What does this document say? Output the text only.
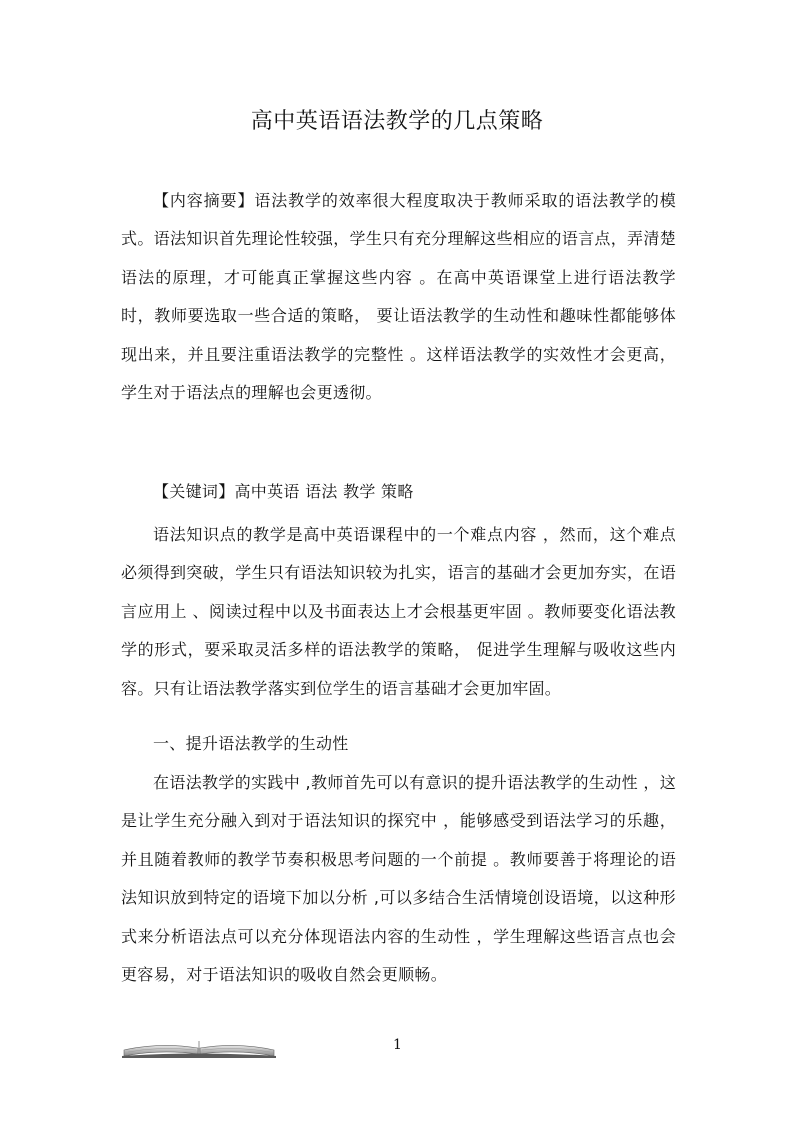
高中英语语法教学的几点策略

【内容摘要】语法教学的效率很大程度取决于教师采取的语法教学的模式。语法知识首先理论性较强，学生只有充分理解这些相应的语言点，弄清楚语法的原理，才可能真正掌握这些内容 。在高中英语课堂上进行语法教学时，教师要选取一些合适的策略， 要让语法教学的生动性和趣味性都能够体现出来，并且要注重语法教学的完整性 。这样语法教学的实效性才会更高，学生对于语法点的理解也会更透彻。

【关键词】高中英语 语法 教学 策略

语法知识点的教学是高中英语课程中的一个难点内容 ，然而，这个难点必须得到突破，学生只有语法知识较为扎实，语言的基础才会更加夯实，在语言应用上 、阅读过程中以及书面表达上才会根基更牢固 。教师要变化语法教学的形式，要采取灵活多样的语法教学的策略， 促进学生理解与吸收这些内容。只有让语法教学落实到位学生的语言基础才会更加牢固。

一、提升语法教学的生动性

在语法教学的实践中 ,教师首先可以有意识的提升语法教学的生动性 ，这是让学生充分融入到对于语法知识的探究中 ，能够感受到语法学习的乐趣，并且随着教师的教学节奏积极思考问题的一个前提 。教师要善于将理论的语法知识放到特定的语境下加以分析 ,可以多结合生活情境创设语境，以这种形式来分析语法点可以充分体现语法内容的生动性 ，学生理解这些语言点也会更容易，对于语法知识的吸收自然会更顺畅。

1
